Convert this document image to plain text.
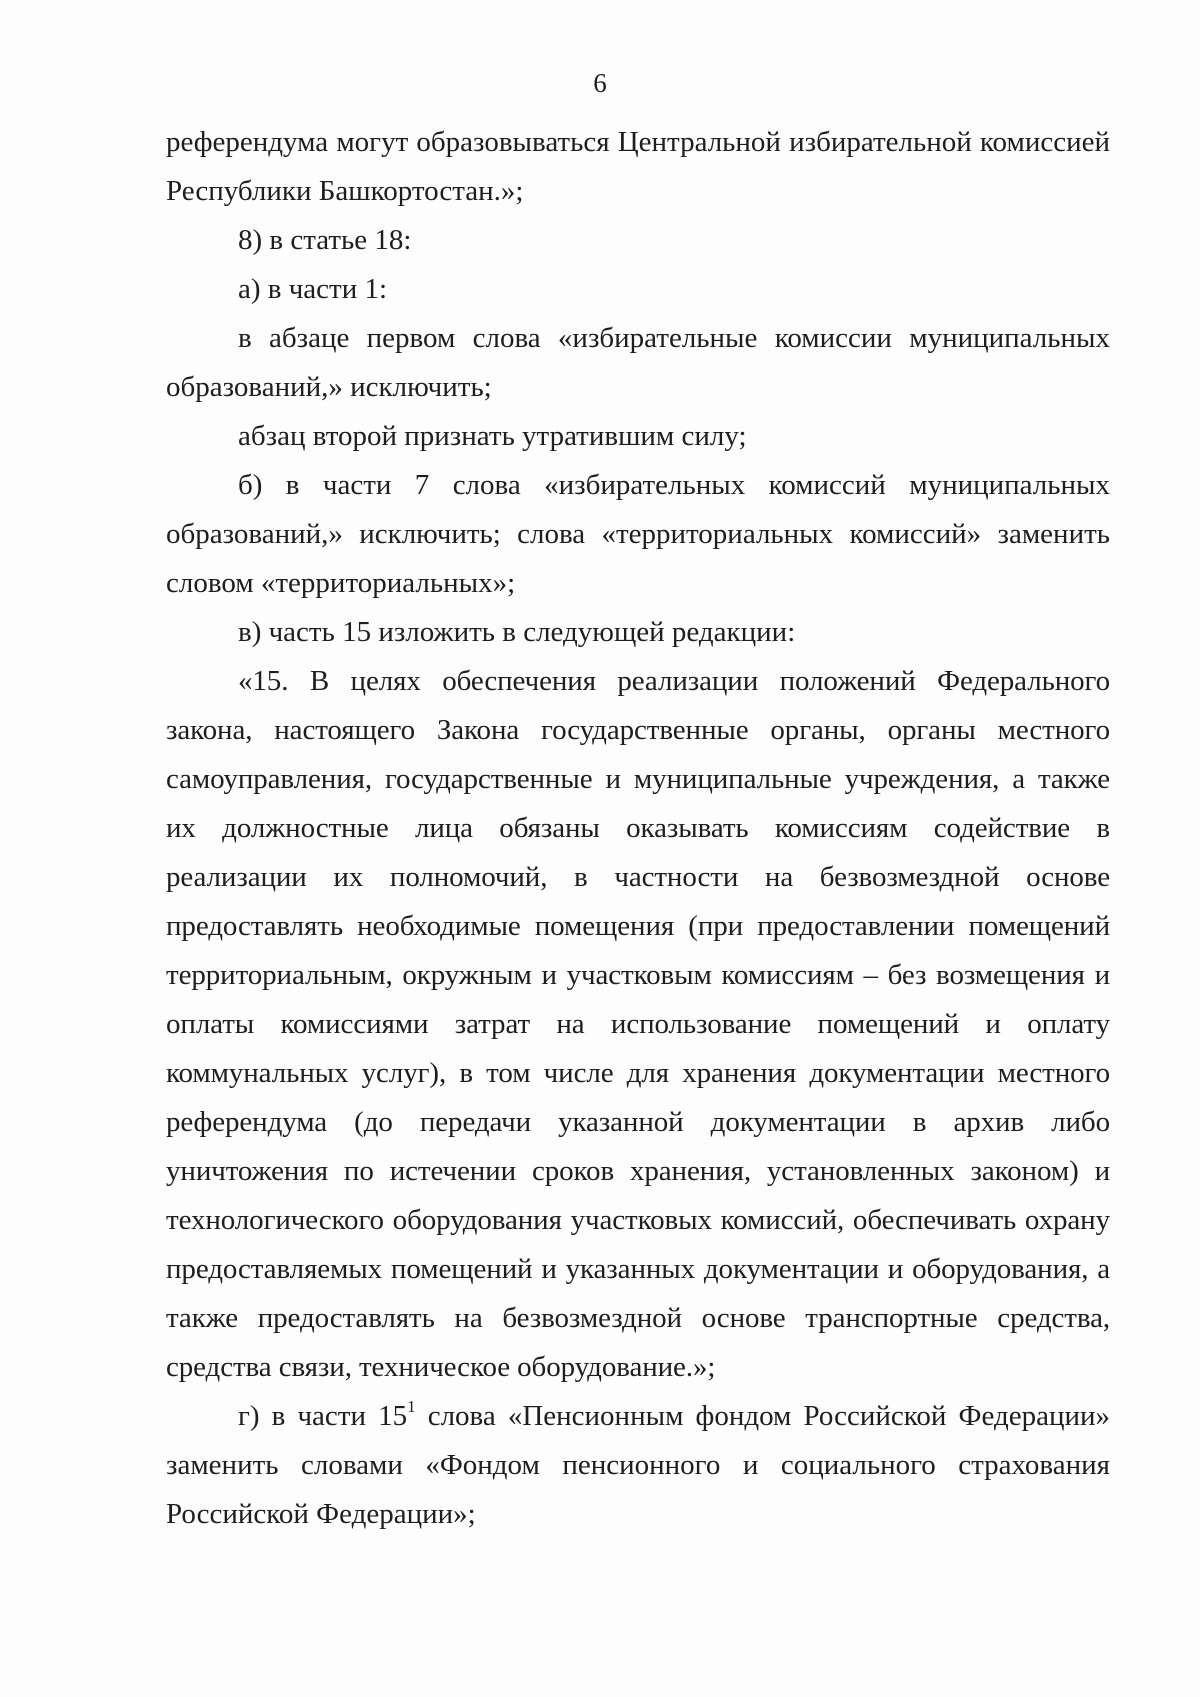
6

референдума могут образовываться Центральной избирательной комиссией Республики Башкортостан.»;

8) в статье 18:

а) в части 1:

в абзаце первом слова «избирательные комиссии муниципальных образований,» исключить;

абзац второй признать утратившим силу;

б) в части 7 слова «избирательных комиссий муниципальных образований,» исключить; слова «территориальных комиссий» заменить словом «территориальных»;

в) часть 15 изложить в следующей редакции:

«15. В целях обеспечения реализации положений Федерального закона, настоящего Закона государственные органы, органы местного самоуправления, государственные и муниципальные учреждения, а также их должностные лица обязаны оказывать комиссиям содействие в реализации их полномочий, в частности на безвозмездной основе предоставлять необходимые помещения (при предоставлении помещений территориальным, окружным и участковым комиссиям – без возмещения и оплаты комиссиями затрат на использование помещений и оплату коммунальных услуг), в том числе для хранения документации местного референдума (до передачи указанной документации в архив либо уничтожения по истечении сроков хранения, установленных законом) и технологического оборудования участковых комиссий, обеспечивать охрану предоставляемых помещений и указанных документации и оборудования, а также предоставлять на безвозмездной основе транспортные средства, средства связи, техническое оборудование.»;

г) в части $15^1$ слова «Пенсионным фондом Российской Федерации» заменить словами «Фондом пенсионного и социального страхования Российской Федерации»;
